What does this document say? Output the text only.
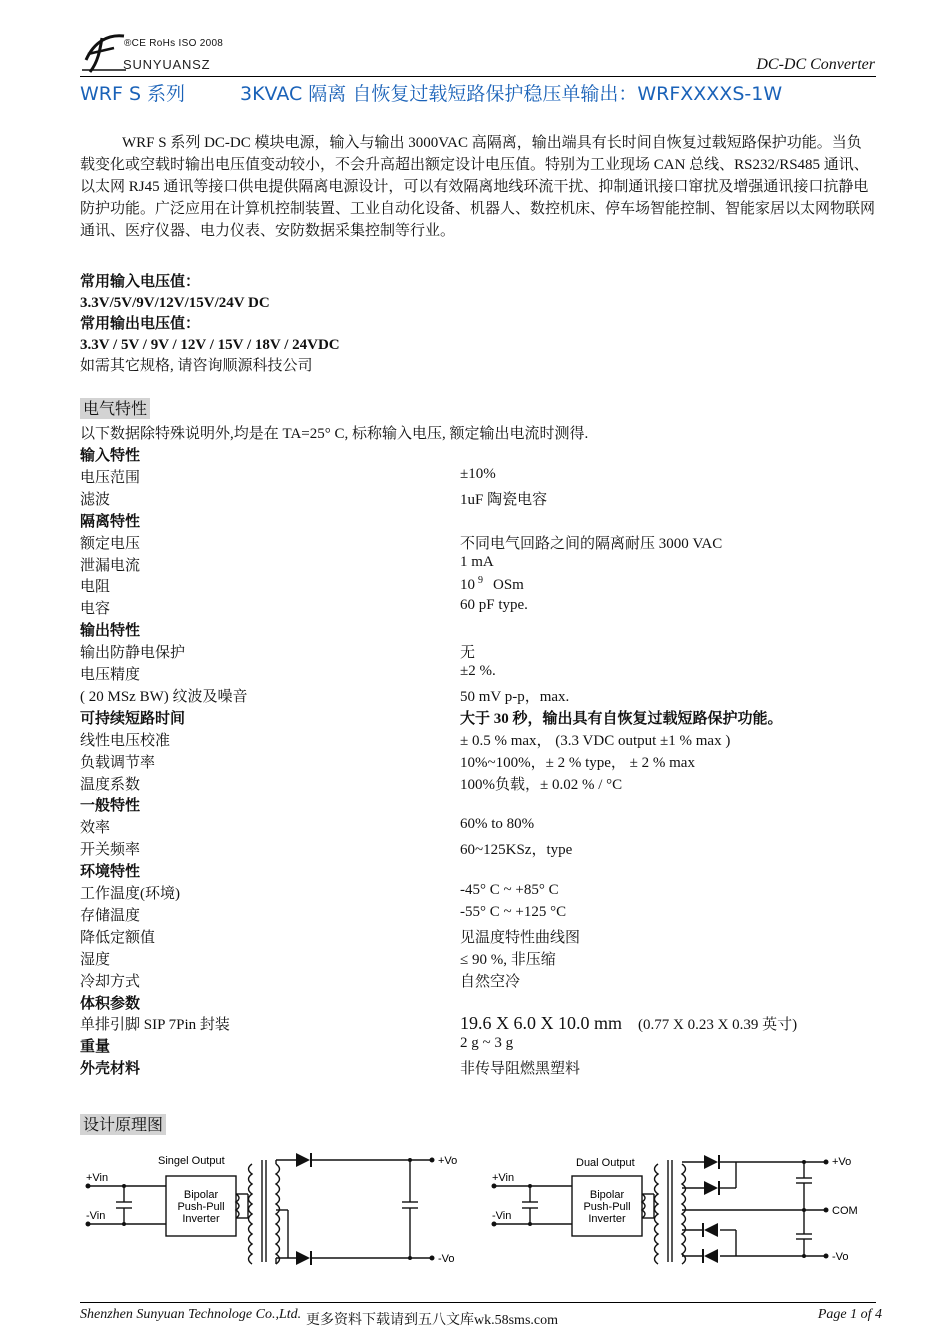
®CE RoHs ISO 2008
SUNYUANSZ	DC-DC Converter
WRF S 系列	3KVAC 隔离 自恢复过载短路保护稳压单输出：WRFXXXXS-1W

WRF S 系列 DC-DC 模块电源，输入与输出 3000VAC 高隔离，输出端具有长时间自恢复过载短路保护功能。当负载变化或空载时输出电压值变动较小，不会升高超出额定设计电压值。特别为工业现场 CAN 总线、RS232/RS485 通讯、以太网 RJ45 通讯等接口供电提供隔离电源设计，可以有效隔离地线环流干扰、抑制通讯接口窜扰及增强通讯接口抗静电防护功能。广泛应用在计算机控制装置、工业自动化设备、机器人、数控机床、停车场智能控制、智能家居以太网物联网通讯、医疗仪器、电力仪表、安防数据采集控制等行业。

常用输入电压值：
3.3V/5V/9V/12V/15V/24V DC
常用输出电压值：
3.3V / 5V / 9V / 12V / 15V / 18V / 24VDC
如需其它规格, 请咨询顺源科技公司
电气特性
以下数据除特殊说明外,均是在 TA=25° C, 标称输入电压, 额定输出电流时测得.
输入特性
电压范围	±10%
滤波	1uF 陶瓷电容
隔离特性
额定电压	不同电气回路之间的隔离耐压 3000 VAC
泄漏电流	1 mA
电阻	10 $^9$ OSm
电容	60 pF type.
输出特性
输出防静电保护	无
电压精度	±2 %.
( 20 MSz BW) 纹波及噪音	50 mV p-p，max.
可持续短路时间	大于 30 秒，输出具有自恢复过载短路保护功能。
线性电压校准	± 0.5 % max， (3.3 VDC output ±1 % max )
负载调节率	10%~100%，± 2 % type， ± 2 % max
温度系数	100%负载，± 0.02 % / °C
一般特性
效率	60% to 80%
开关频率	60~125KSz，type
环境特性
工作温度(环境)	-45° C ~ +85° C
存储温度	-55° C ~ +125 °C
降低定额值	见温度特性曲线图
湿度	≤ 90 %, 非压缩
冷却方式	自然空冷
体积参数
单排引脚 SIP 7Pin 封装	19.6 X 6.0 X 10.0 mm (0.77 X 0.23 X 0.39 英寸)
重量	2 g ~ 3 g
外壳材料	非传导阻燃黑塑料
设计原理图
Singel Output
+Vin
-Vin
Bipolar
Push-Pull
Inverter
+Vo
-Vo
Dual Output
+Vin
-Vin
Bipolar
Push-Pull
Inverter
+Vo
COM
-Vo
Shenzhen Sunyuan Technologe Co.,Ltd. 更多资料下载请到五八文库wk.58sms.com	Page 1 of 4
